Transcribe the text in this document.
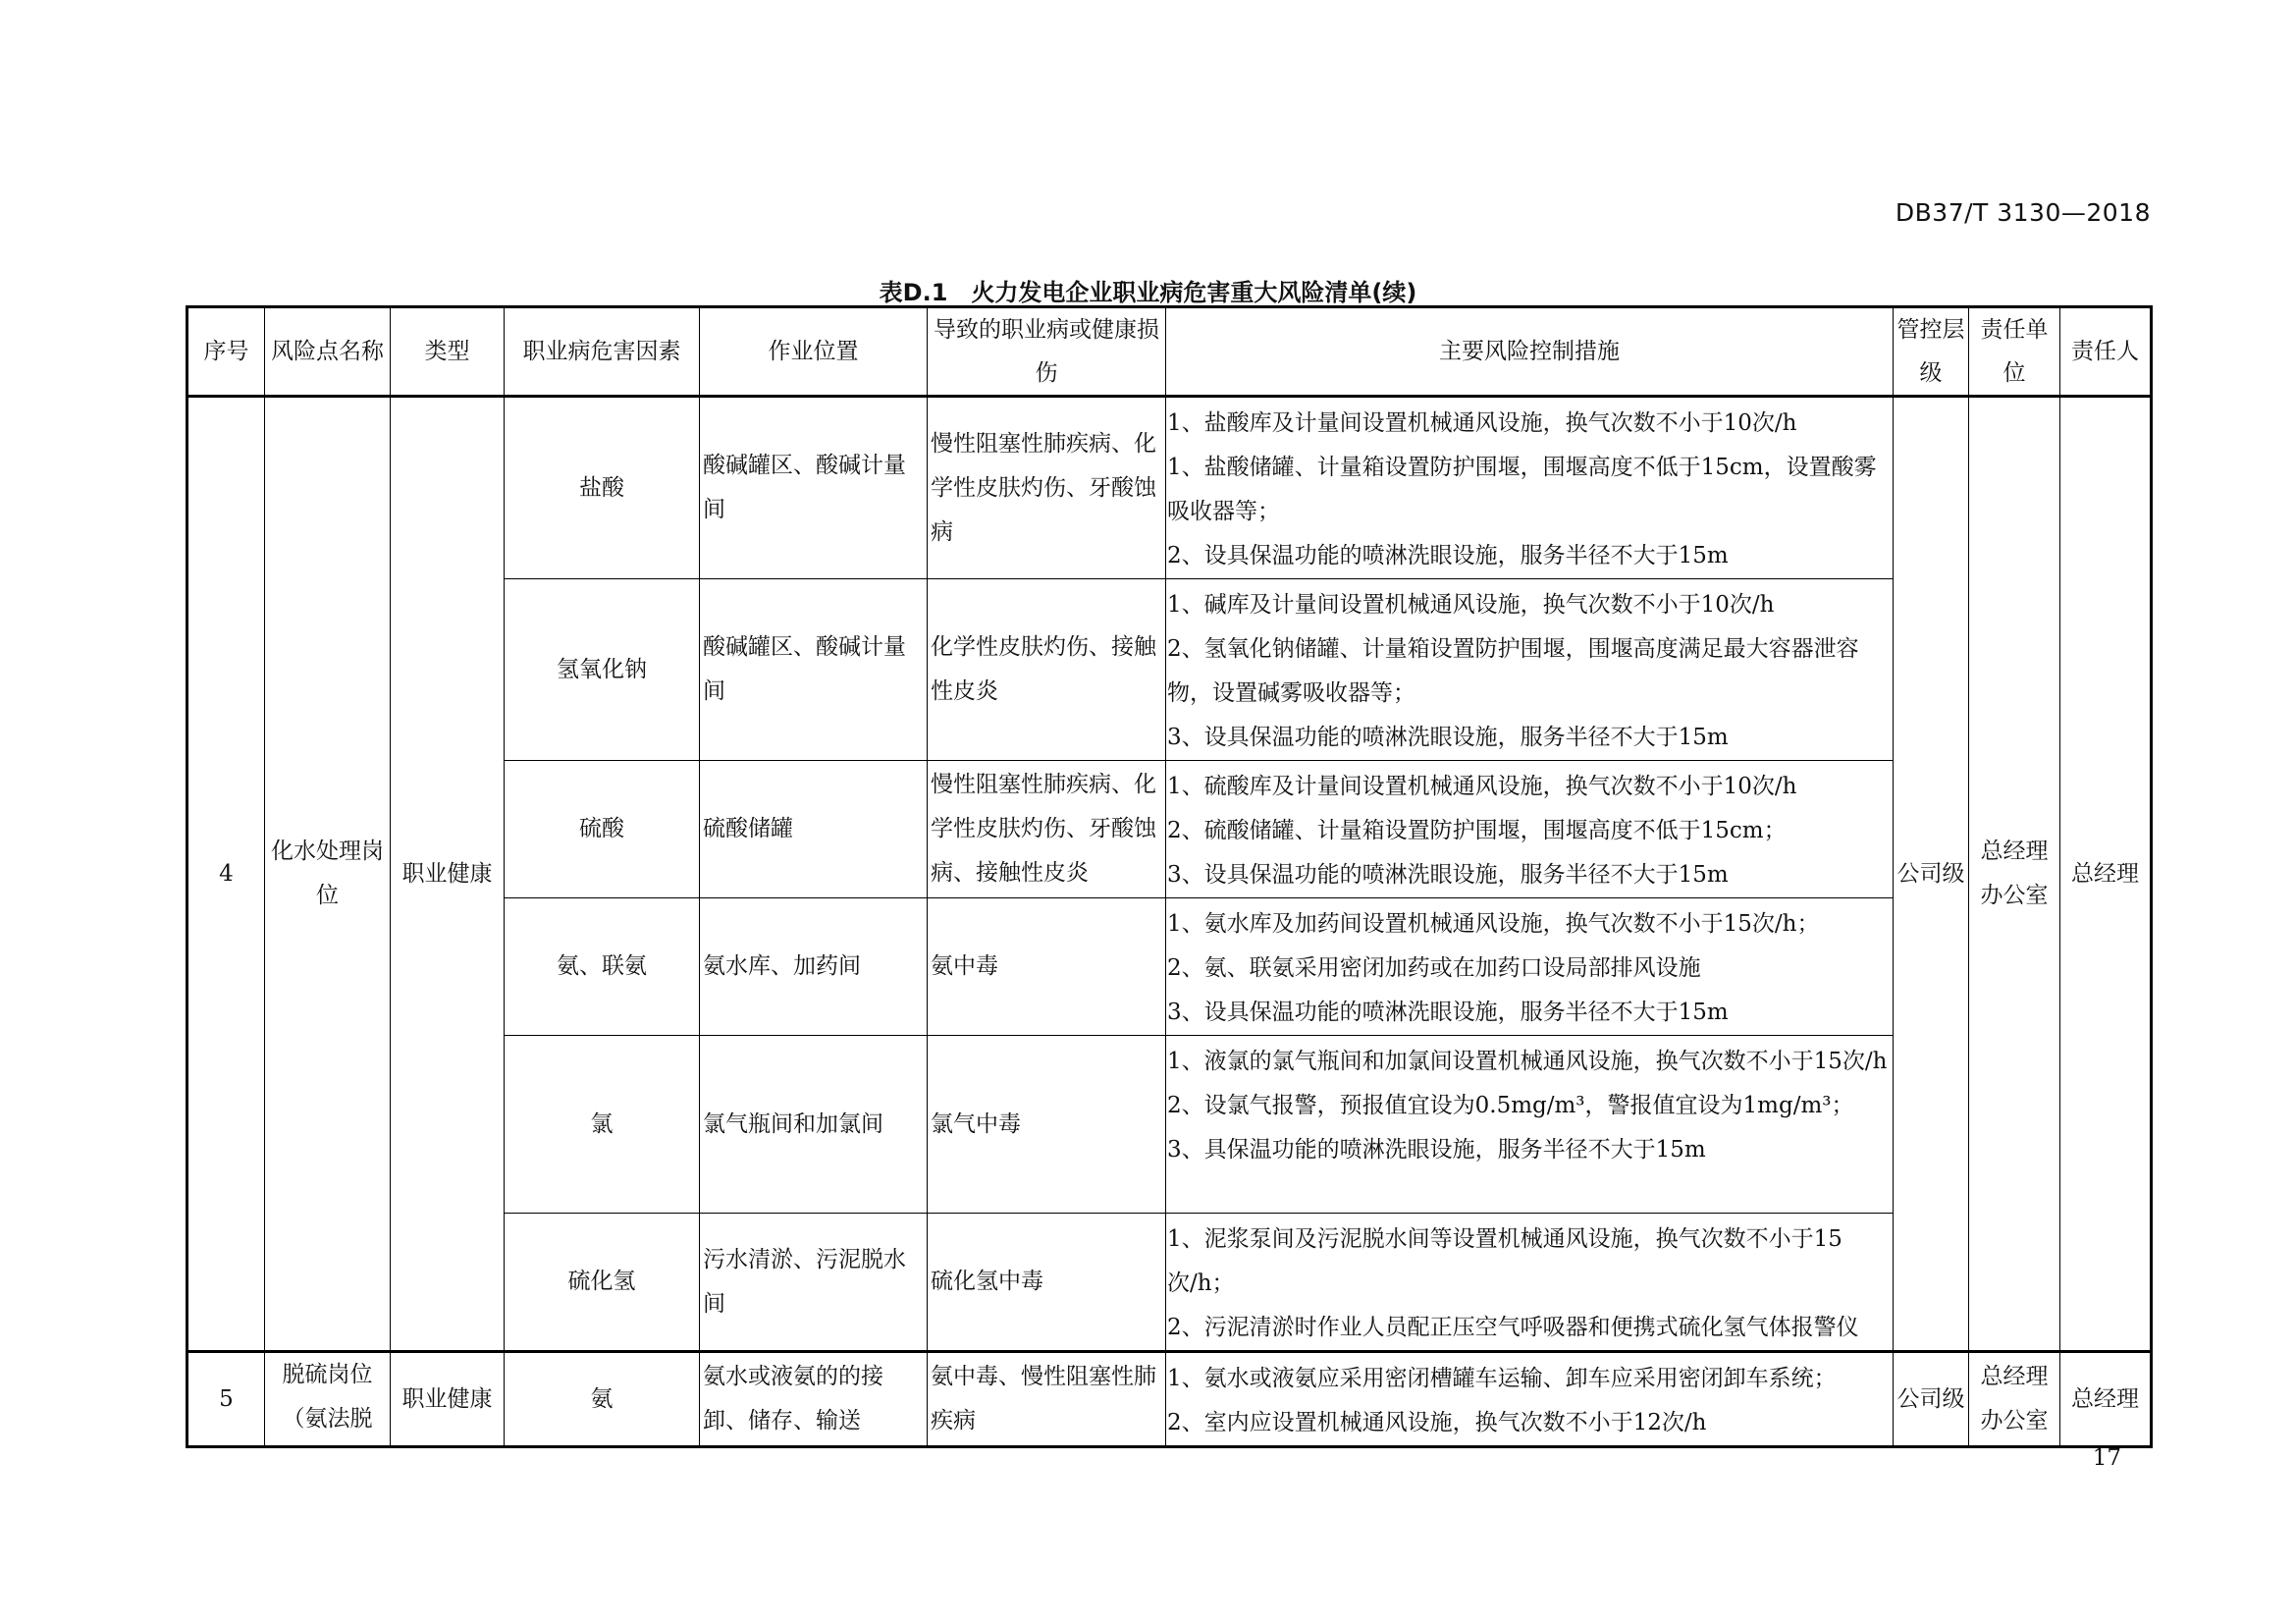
DB37/T 3130—2018
表D.1　火力发电企业职业病危害重大风险清单(续)
序号	风险点名称	类型	职业病危害因素	作业位置	导致的职业病或健康损伤	主要风险控制措施	管控层级	责任单位	责任人
4	化水处理岗位	职业健康	盐酸	酸碱罐区、酸碱计量间	慢性阻塞性肺疾病、化学性皮肤灼伤、牙酸蚀病	1、盐酸库及计量间设置机械通风设施，换气次数不小于10次/h
1、盐酸储罐、计量箱设置防护围堰，围堰高度不低于15cm，设置酸雾吸收器等；
2、设具保温功能的喷淋洗眼设施，服务半径不大于15m	公司级	总经理办公室	总经理
			氢氧化钠	酸碱罐区、酸碱计量间	化学性皮肤灼伤、接触性皮炎	1、碱库及计量间设置机械通风设施，换气次数不小于10次/h
2、氢氧化钠储罐、计量箱设置防护围堰，围堰高度满足最大容器泄容物，设置碱雾吸收器等；
3、设具保温功能的喷淋洗眼设施，服务半径不大于15m			

			硫酸	硫酸储罐	慢性阻塞性肺疾病、化学性皮肤灼伤、牙酸蚀病、接触性皮炎	1、硫酸库及计量间设置机械通风设施，换气次数不小于10次/h
2、硫酸储罐、计量箱设置防护围堰，围堰高度不低于15cm；
3、设具保温功能的喷淋洗眼设施，服务半径不大于15m			

			氨、联氨	氨水库、加药间	氨中毒	1、氨水库及加药间设置机械通风设施，换气次数不小于15次/h；
2、氨、联氨采用密闭加药或在加药口设局部排风设施
3、设具保温功能的喷淋洗眼设施，服务半径不大于15m			

			氯	氯气瓶间和加氯间	氯气中毒	1、液氯的氯气瓶间和加氯间设置机械通风设施，换气次数不小于15次/h
2、设氯气报警，预报值宜设为0.5mg/m³，警报值宜设为1mg/m³；
3、具保温功能的喷淋洗眼设施，服务半径不大于15m			

			硫化氢	污水清淤、污泥脱水间	硫化氢中毒	1、泥浆泵间及污泥脱水间等设置机械通风设施，换气次数不小于15次/h；
2、污泥清淤时作业人员配正压空气呼吸器和便携式硫化氢气体报警仪			

5	脱硫岗位（氨法脱	职业健康	氨	氨水或液氨的的接卸、储存、输送	氨中毒、慢性阻塞性肺疾病	1、氨水或液氨应采用密闭槽罐车运输、卸车应采用密闭卸车系统；
2、室内应设置机械通风设施，换气次数不小于12次/h	公司级	总经理办公室	总经理
17
